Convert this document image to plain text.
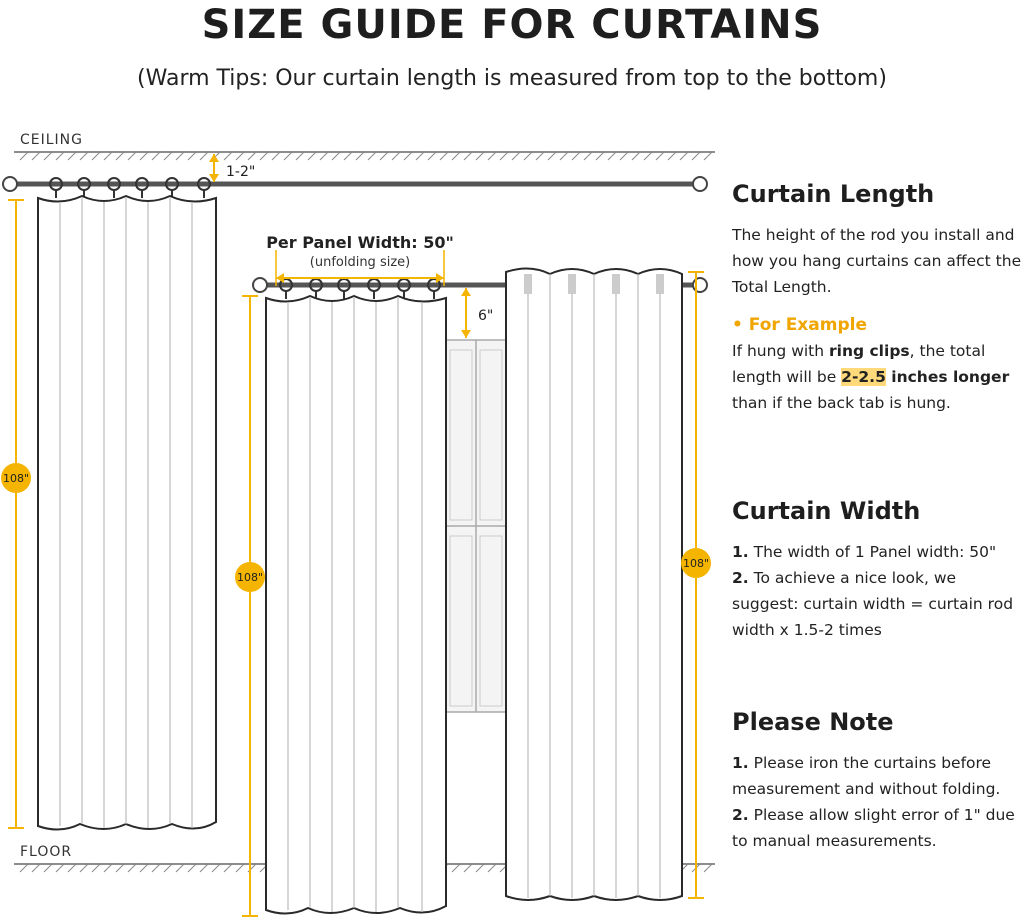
SIZE GUIDE FOR CURTAINS

(Warm Tips: Our curtain length is measured from top to the bottom)

CEILING
FLOOR
1-2"
108"
Per Panel Width: 50"
(unfolding size)
108"
6"
108"
Curtain Length

The height of the rod you install and how you hang curtains can affect the Total Length.

• For Example

If hung with ring clips, the total length will be 2-2.5 inches longer than if the back tab is hung.

Curtain Width

1. The width of 1 Panel width: 50"

2. To achieve a nice look, we suggest: curtain width = curtain rod width x 1.5-2 times

Please Note

1. Please iron the curtains before measurement and without folding.

2. Please allow slight error of 1" due to manual measurements.
